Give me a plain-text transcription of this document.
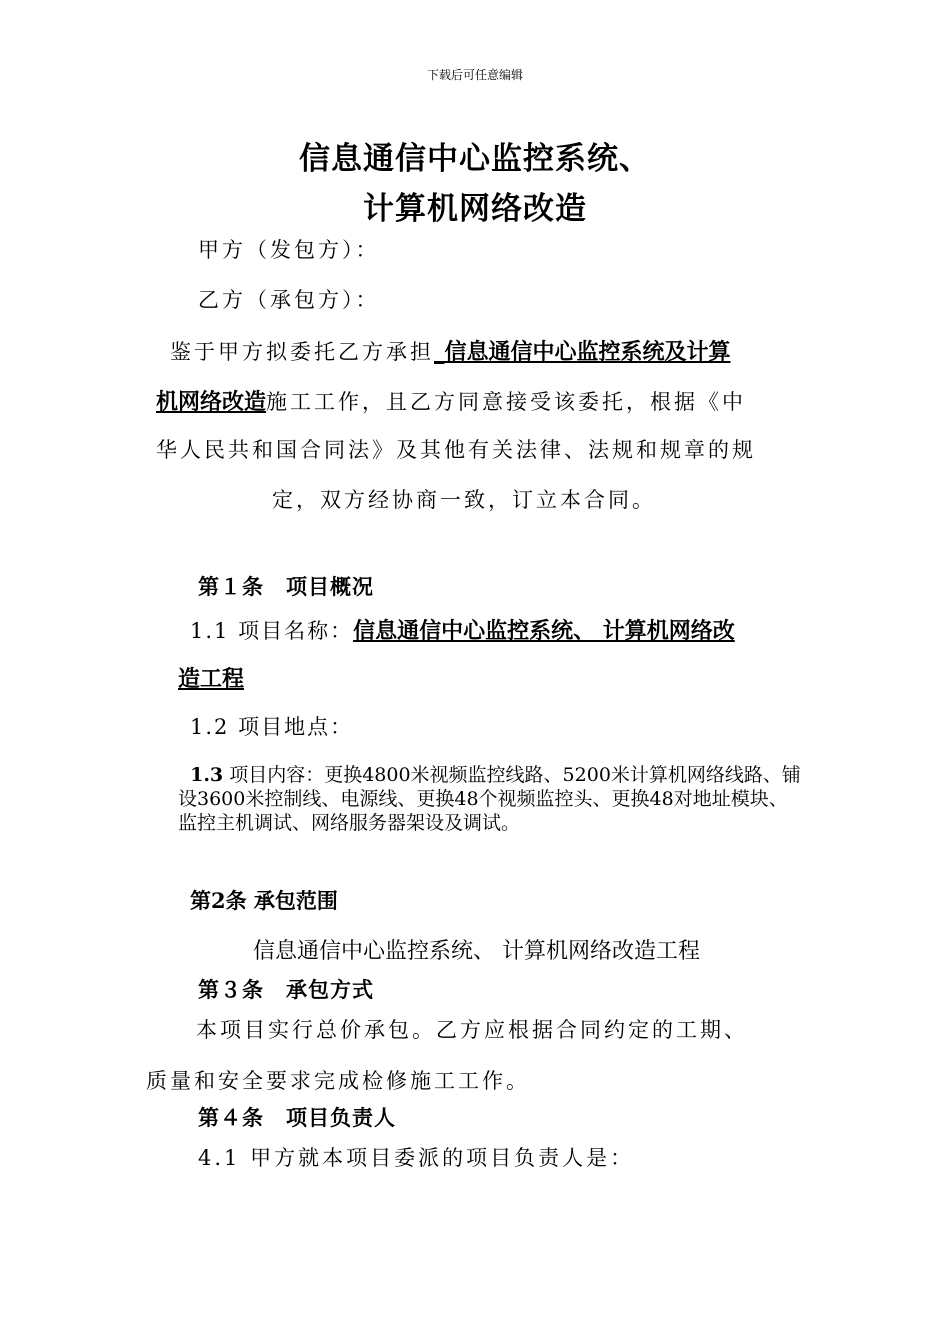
下载后可任意编辑
信息通信中心监控系统、
计算机网络改造
甲方（发包方）：
乙方（承包方）：
鉴于甲方拟委托乙方承担_信息通信中心监控系统及计算
机网络改造施工工作，且乙方同意接受该委托，根据《中
华人民共和国合同法》及其他有关法律、法规和规章的规
定，双方经协商一致，订立本合同。
第１条　项目概况
1.1 项目名称：信息通信中心监控系统、 计算机网络改
造工程
1.2 项目地点：
1.3 项目内容：更换4800米视频监控线路、5200米计算机网络线路、铺设3600米控制线、电源线、更换48个视频监控头、更换48对地址模块、监控主机调试、网络服务器架设及调试。
第2条 承包范围
信息通信中心监控系统、 计算机网络改造工程
第３条　承包方式
本项目实行总价承包。乙方应根据合同约定的工期、
质量和安全要求完成检修施工工作。
第４条　项目负责人
4.1 甲方就本项目委派的项目负责人是：
